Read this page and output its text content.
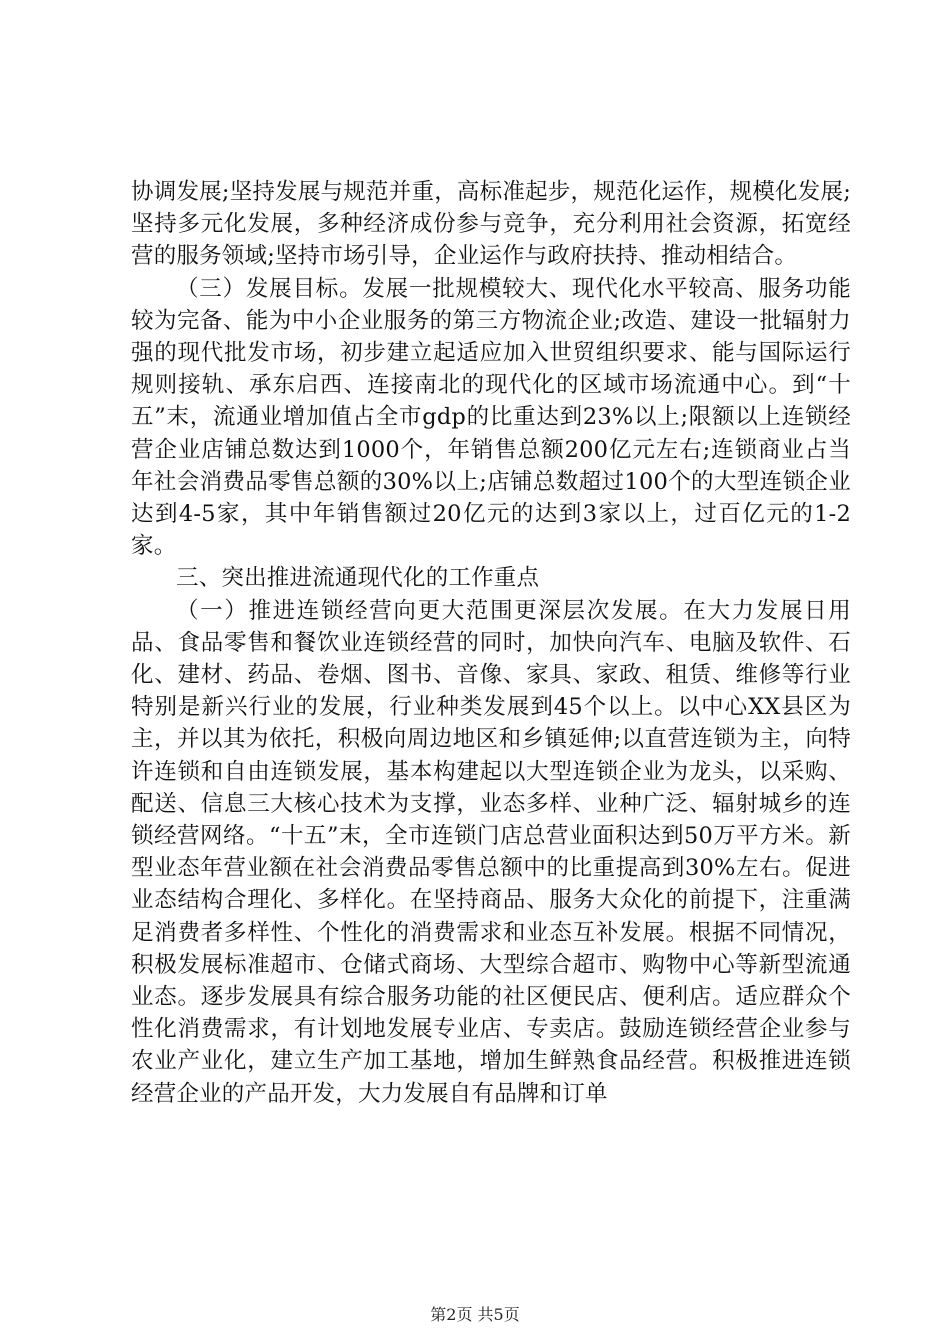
协调发展;坚持发展与规范并重，高标准起步，规范化运作，规模化发展;坚持多元化发展，多种经济成份参与竞争，充分利用社会资源，拓宽经营的服务领域;坚持市场引导，企业运作与政府扶持、推动相结合。

（三）发展目标。发展一批规模较大、现代化水平较高、服务功能较为完备、能为中小企业服务的第三方物流企业;改造、建设一批辐射力强的现代批发市场，初步建立起适应加入世贸组织要求、能与国际运行规则接轨、承东启西、连接南北的现代化的区域市场流通中心。到“十五”末，流通业增加值占全市gdp的比重达到23%以上;限额以上连锁经营企业店铺总数达到1000个，年销售总额200亿元左右;连锁商业占当年社会消费品零售总额的30%以上;店铺总数超过100个的大型连锁企业达到4-5家，其中年销售额过20亿元的达到3家以上，过百亿元的1-2家。

三、突出推进流通现代化的工作重点

（一）推进连锁经营向更大范围更深层次发展。在大力发展日用品、食品零售和餐饮业连锁经营的同时，加快向汽车、电脑及软件、石化、建材、药品、卷烟、图书、音像、家具、家政、租赁、维修等行业特别是新兴行业的发展，行业种类发展到45个以上。以中心XX县区为主，并以其为依托，积极向周边地区和乡镇延伸;以直营连锁为主，向特许连锁和自由连锁发展，基本构建起以大型连锁企业为龙头，以采购、配送、信息三大核心技术为支撑，业态多样、业种广泛、辐射城乡的连锁经营网络。“十五”末，全市连锁门店总营业面积达到50万平方米。新型业态年营业额在社会消费品零售总额中的比重提高到30%左右。促进业态结构合理化、多样化。在坚持商品、服务大众化的前提下，注重满足消费者多样性、个性化的消费需求和业态互补发展。根据不同情况，积极发展标准超市、仓储式商场、大型综合超市、购物中心等新型流通业态。逐步发展具有综合服务功能的社区便民店、便利店。适应群众个性化消费需求，有计划地发展专业店、专卖店。鼓励连锁经营企业参与农业产业化，建立生产加工基地，增加生鲜熟食品经营。积极推进连锁经营企业的产品开发，大力发展自有品牌和订单

第2页 共5页
